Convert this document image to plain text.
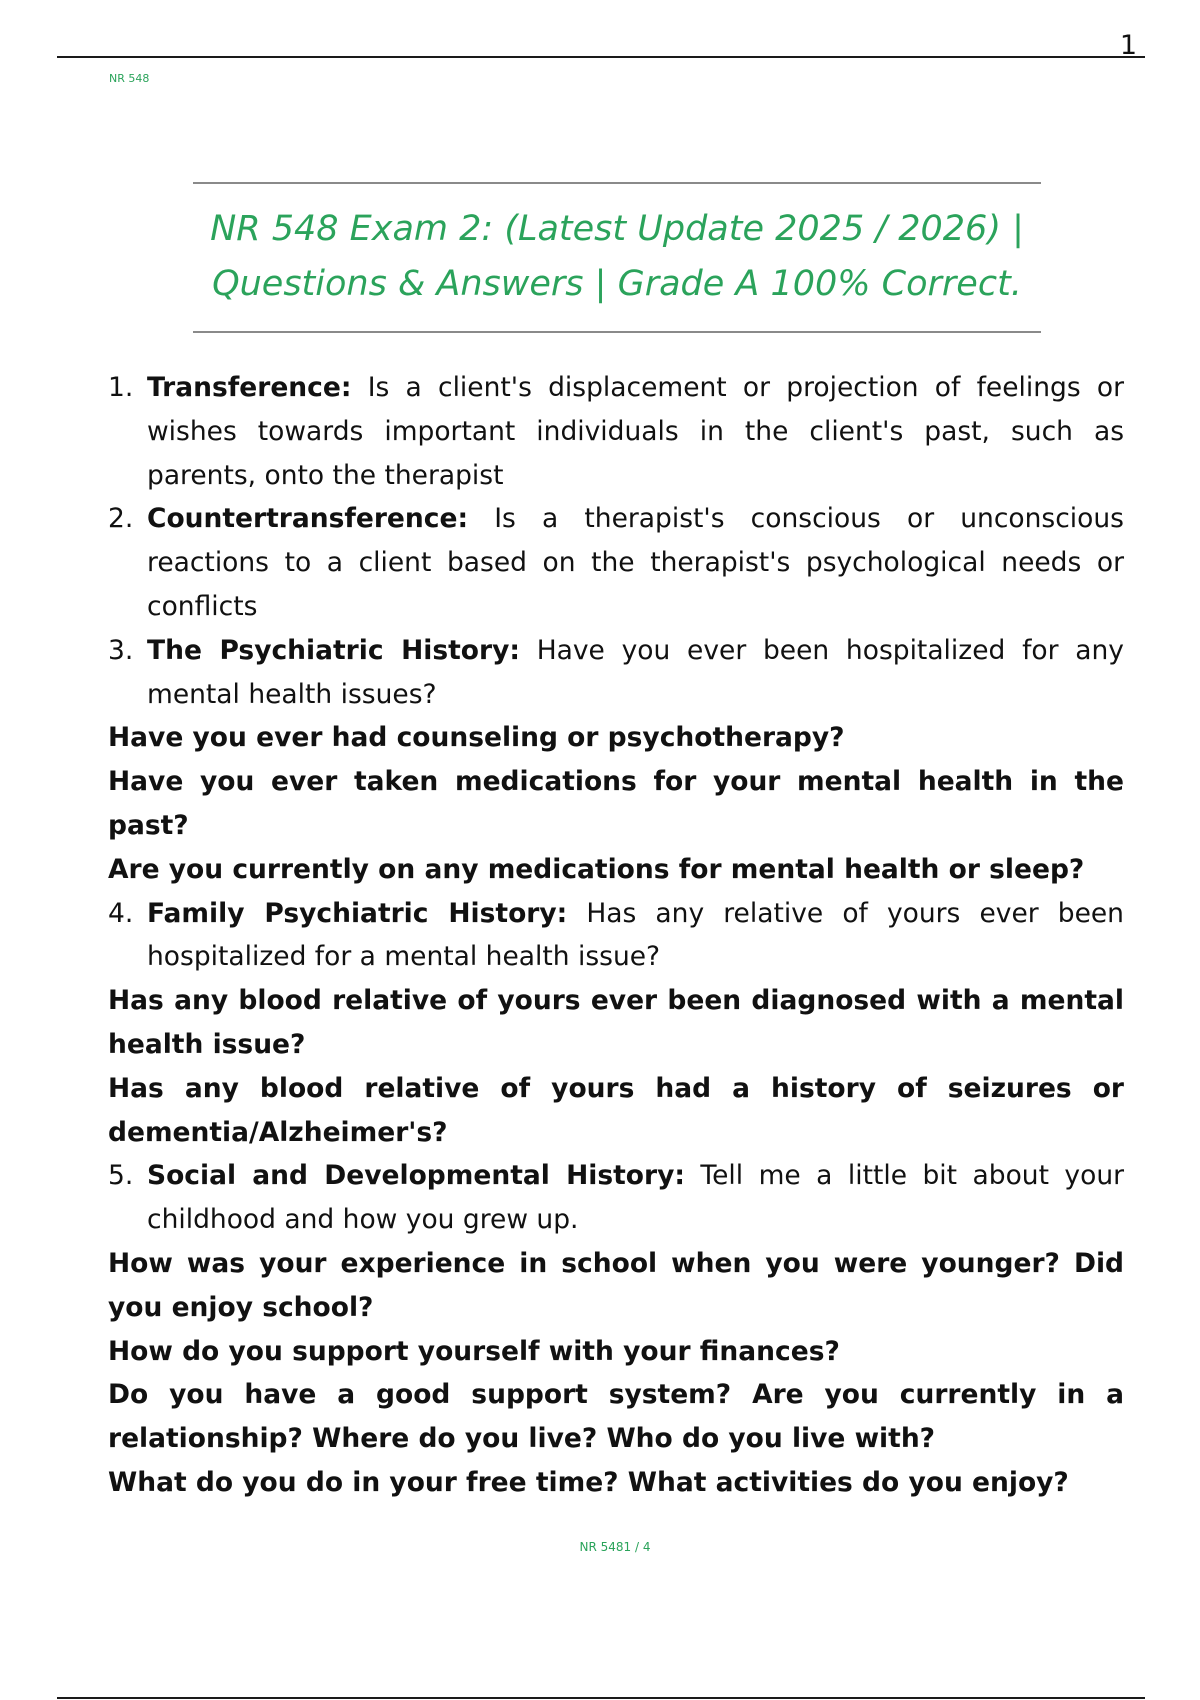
1
NR 548
NR 548 Exam 2: (Latest Update 2025 / 2026) |
Questions & Answers | Grade A 100% Correct.
1. Transference: Is a client's displacement or projection of feelings or wishes towards important individuals in the client's past, such as parents, onto the therapist
2. Countertransference: Is a therapist's conscious or unconscious reactions to a client based on the therapist's psychological needs or conflicts
3. The Psychiatric History: Have you ever been hospitalized for any mental health issues?
Have you ever had counseling or psychotherapy?
Have you ever taken medications for your mental health in the past?
Are you currently on any medications for mental health or sleep?
4. Family Psychiatric History: Has any relative of yours ever been hospitalized for a mental health issue?
Has any blood relative of yours ever been diagnosed with a mental health issue?
Has any blood relative of yours had a history of seizures or dementia/Alzheimer's?
5. Social and Developmental History: Tell me a little bit about your childhood and how you grew up.
How was your experience in school when you were younger? Did you enjoy school?
How do you support yourself with your finances?
Do you have a good support system? Are you currently in a relationship? Where do you live? Who do you live with?
What do you do in your free time? What activities do you enjoy?
NR 5481 / 4
